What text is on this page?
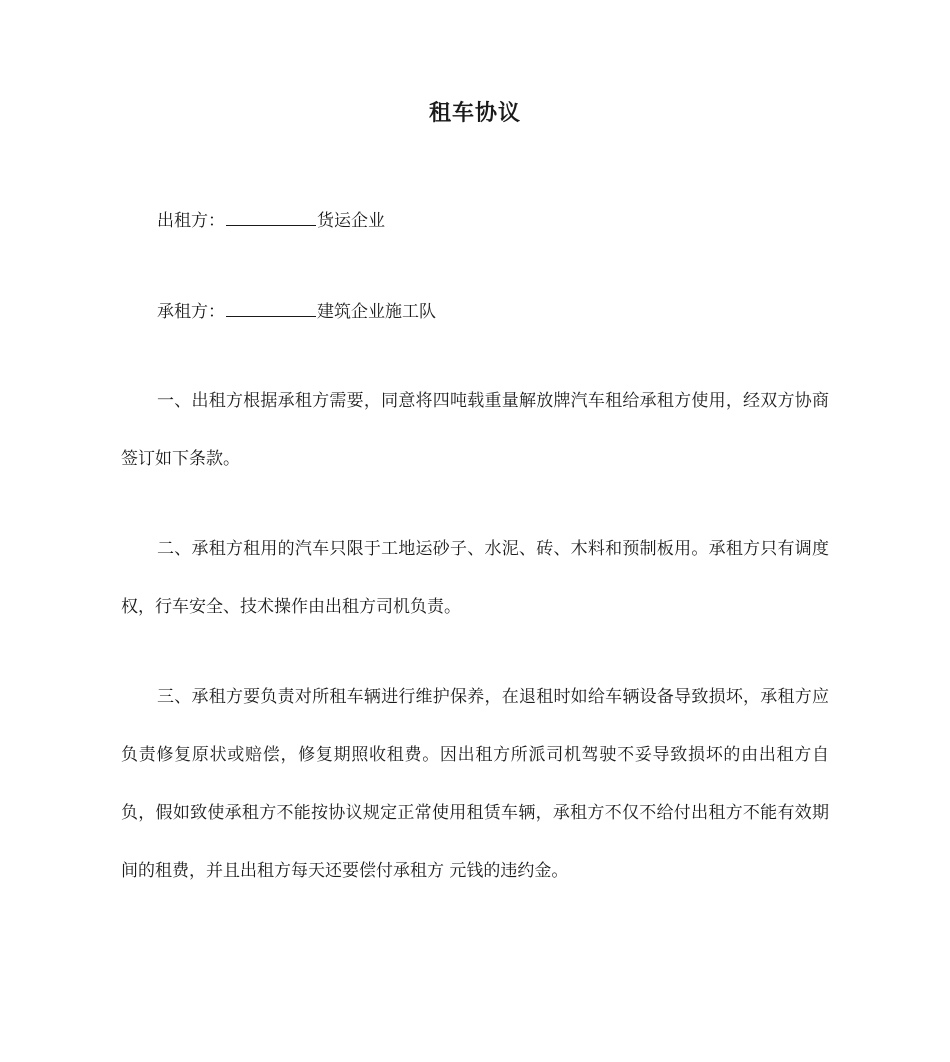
租车协议
出租方：	货运企业
承租方：	建筑企业施工队

一、出租方根据承租方需要，同意将四吨载重量解放牌汽车租给承租方使用，经双方协商签订如下条款。

二、承租方租用的汽车只限于工地运砂子、水泥、砖、木料和预制板用。承租方只有调度权，行车安全、技术操作由出租方司机负责。

三、承租方要负责对所租车辆进行维护保养，在退租时如给车辆设备导致损坏，承租方应负责修复原状或赔偿，修复期照收租费。因出租方所派司机驾驶不妥导致损坏的由出租方自负，假如致使承租方不能按协议规定正常使用租赁车辆，承租方不仅不给付出租方不能有效期间的租费，并且出租方每天还要偿付承租方 元钱的违约金。
